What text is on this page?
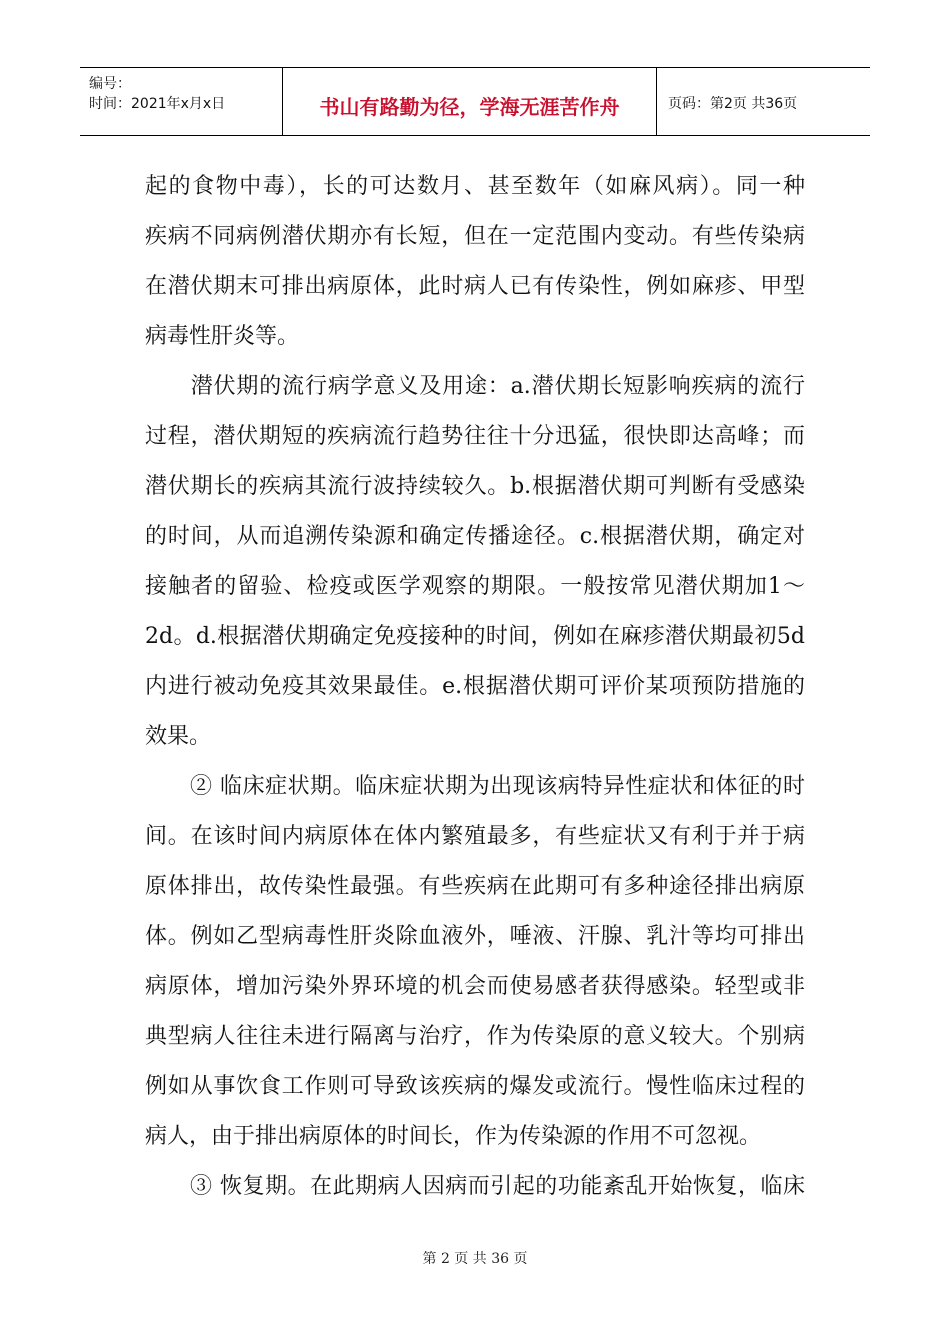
编号：
时间：2021年x月x日	书山有路勤为径，学海无涯苦作舟	页码：第2页 共36页
起的食物中毒），长的可达数月、甚至数年（如麻风病）。同一种
疾病不同病例潜伏期亦有长短，但在一定范围内变动。有些传染病
在潜伏期末可排出病原体，此时病人已有传染性，例如麻疹、甲型
病毒性肝炎等。
　　潜伏期的流行病学意义及用途：a.潜伏期长短影响疾病的流行
过程，潜伏期短的疾病流行趋势往往十分迅猛，很快即达高峰；而
潜伏期长的疾病其流行波持续较久。b.根据潜伏期可判断有受感染
的时间，从而追溯传染源和确定传播途径。c.根据潜伏期，确定对
接触者的留验、检疫或医学观察的期限。一般按常见潜伏期加1～
2d。d.根据潜伏期确定免疫接种的时间，例如在麻疹潜伏期最初5d
内进行被动免疫其效果最佳。e.根据潜伏期可评价某项预防措施的
效果。
　　② 临床症状期。临床症状期为出现该病特异性症状和体征的时
间。在该时间内病原体在体内繁殖最多，有些症状又有利于并于病
原体排出，故传染性最强。有些疾病在此期可有多种途径排出病原
体。例如乙型病毒性肝炎除血液外，唾液、汗腺、乳汁等均可排出
病原体，增加污染外界环境的机会而使易感者获得感染。轻型或非
典型病人往往未进行隔离与治疗，作为传染原的意义较大。个别病
例如从事饮食工作则可导致该疾病的爆发或流行。慢性临床过程的
病人，由于排出病原体的时间长，作为传染源的作用不可忽视。
　　③ 恢复期。在此期病人因病而引起的功能紊乱开始恢复，临床
第 2 页 共 36 页
